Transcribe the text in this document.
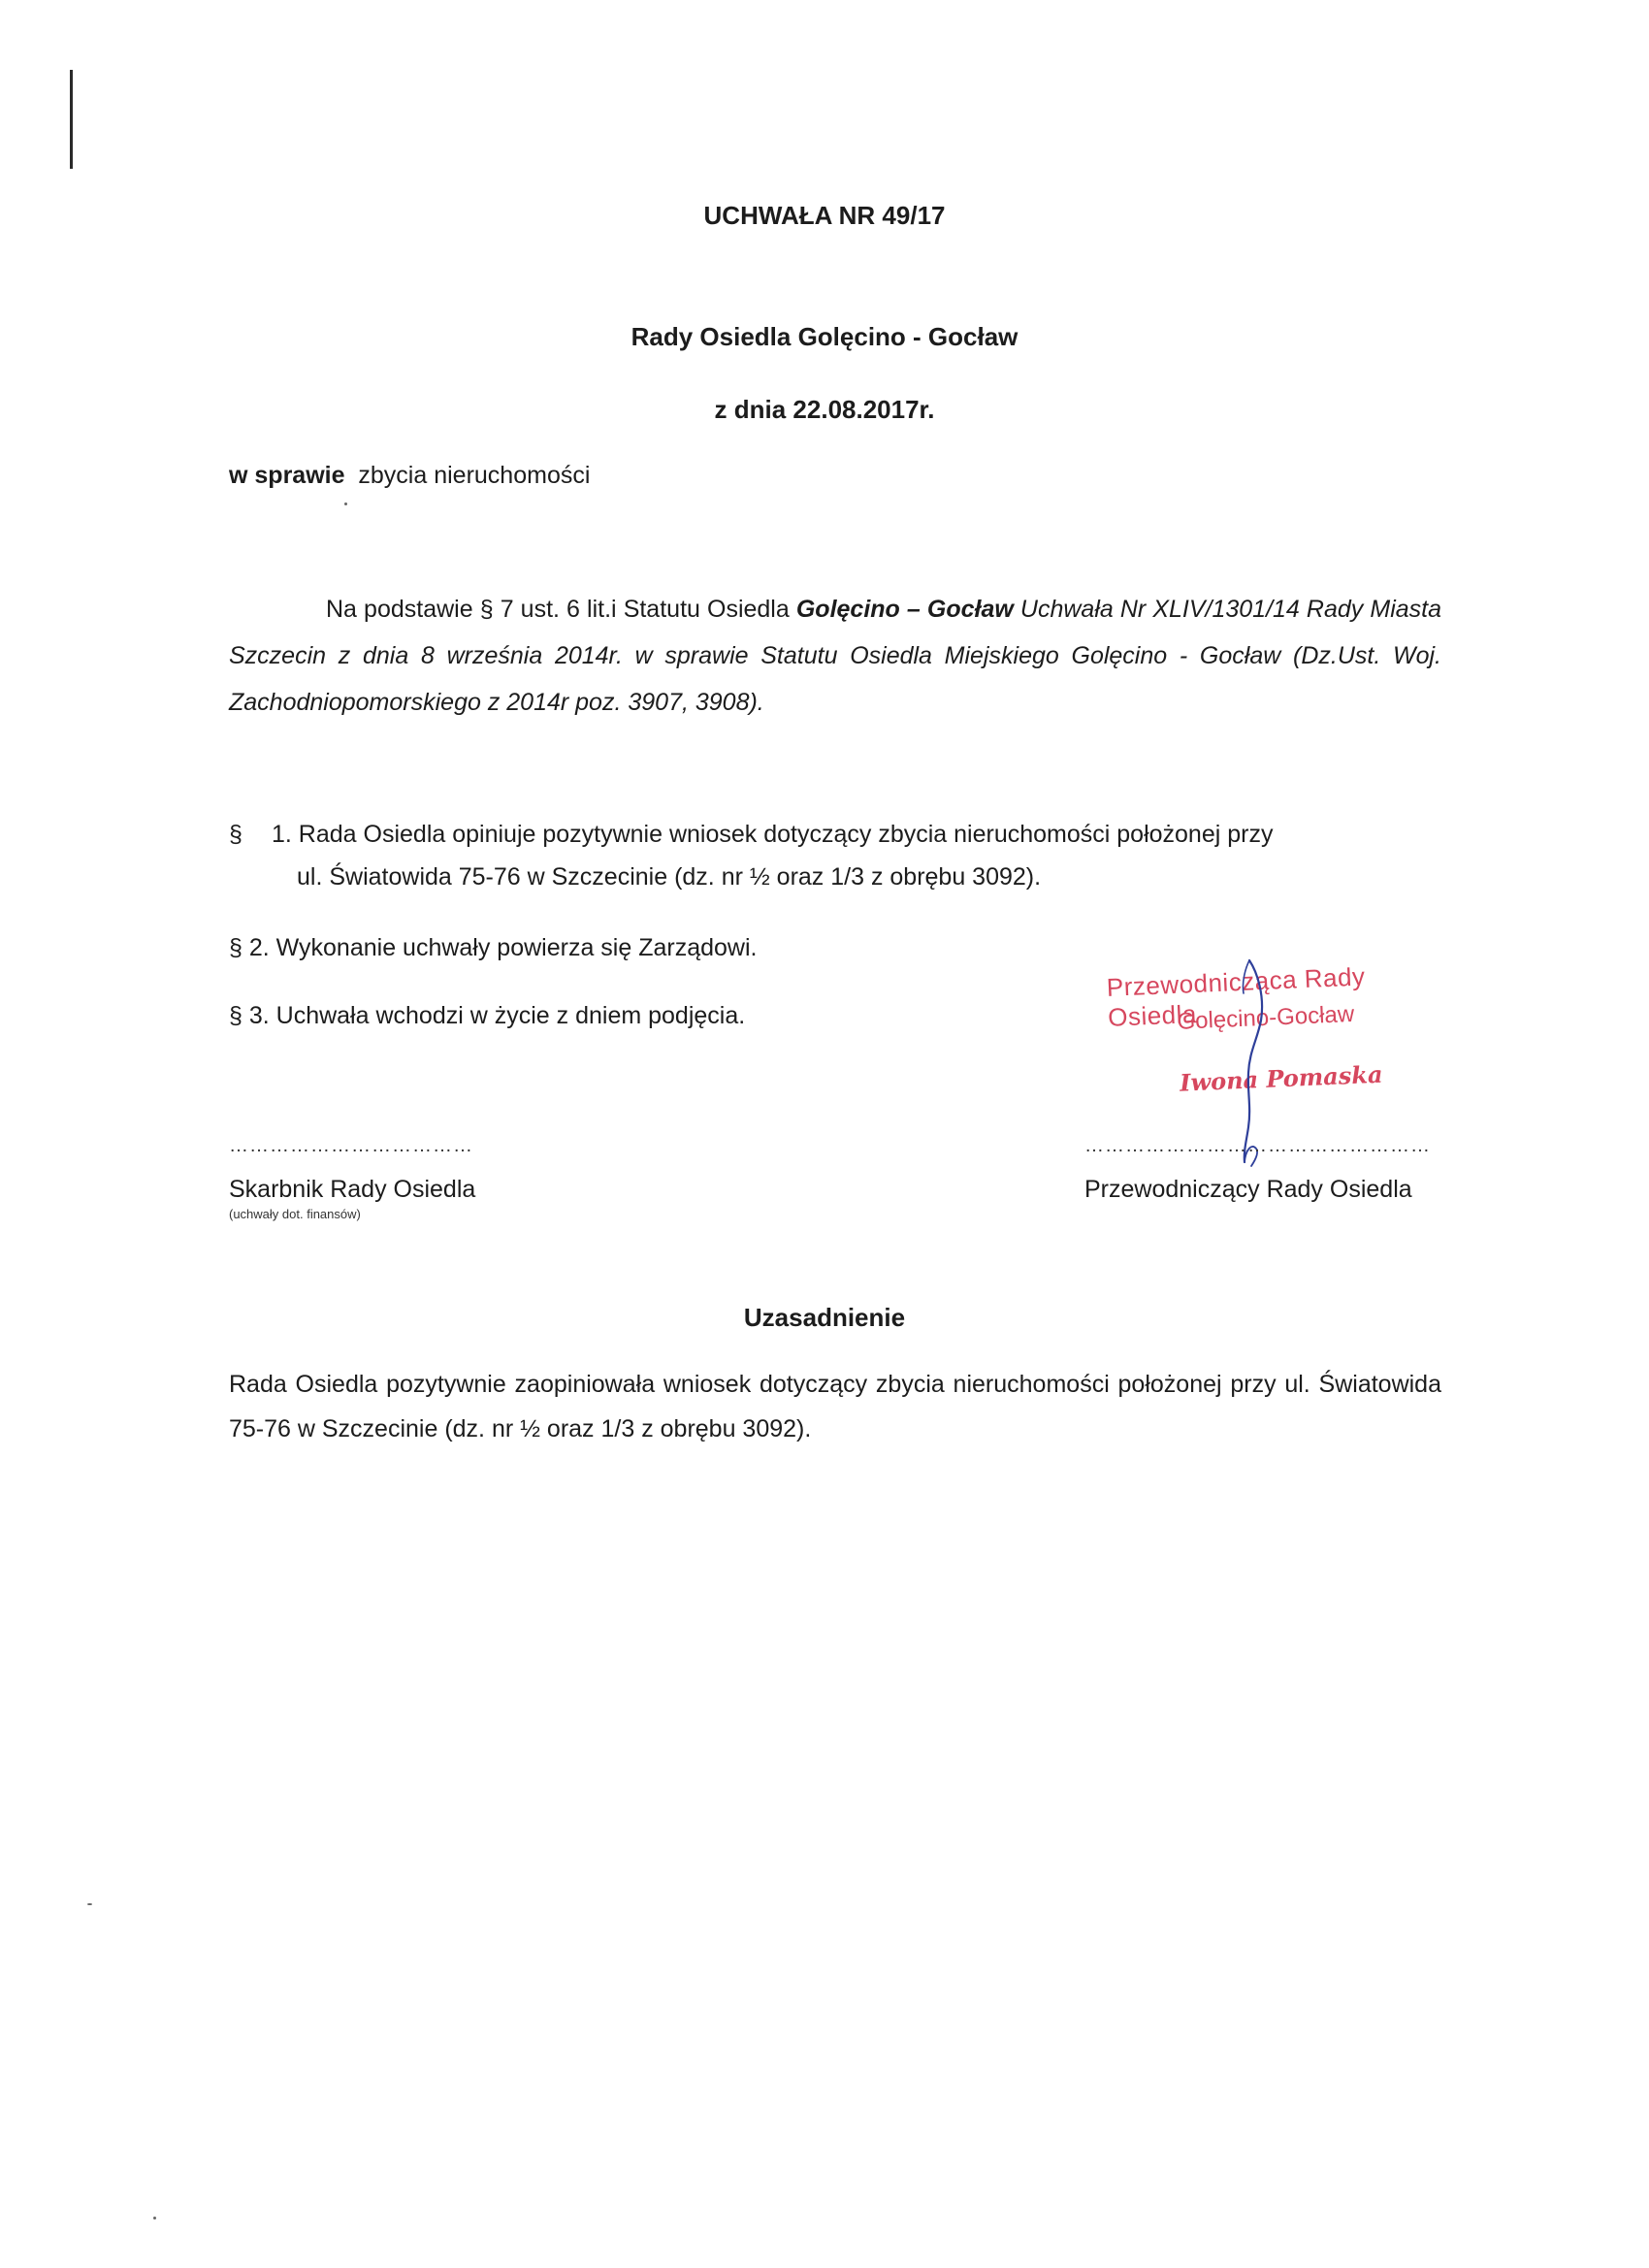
UCHWAŁA NR 49/17
Rady Osiedla Golęcino - Gocław
z dnia 22.08.2017r.
w sprawie zbycia nieruchomości
Na podstawie § 7 ust. 6 lit.i Statutu Osiedla Golęcino – Gocław Uchwała Nr XLIV/1301/14 Rady Miasta Szczecin z dnia 8 września 2014r. w sprawie Statutu Osiedla Miejskiego Golęcino - Gocław (Dz.Ust. Woj. Zachodniopomorskiego z 2014r poz. 3907, 3908).
§	1. Rada Osiedla opiniuje pozytywnie wniosek dotyczący zbycia nieruchomości położonej przy
ul. Światowida 75-76 w Szczecinie (dz. nr ½ oraz 1/3 z obrębu 3092).
§ 2. Wykonanie uchwały powierza się Zarządowi.
§ 3. Uchwała wchodzi w życie z dniem podjęcia.
Przewodnicząca Rady Osiedla
Golęcino-Gocław
Iwona Pomaska
………………………………	……………………………………………
Skarbnik Rady Osiedla
(uchwały dot. finansów)
Przewodniczący Rady Osiedla
Uzasadnienie
Rada Osiedla pozytywnie zaopiniowała wniosek dotyczący zbycia nieruchomości położonej przy ul. Światowida 75-76 w Szczecinie (dz. nr ½ oraz 1/3 z obrębu 3092).
